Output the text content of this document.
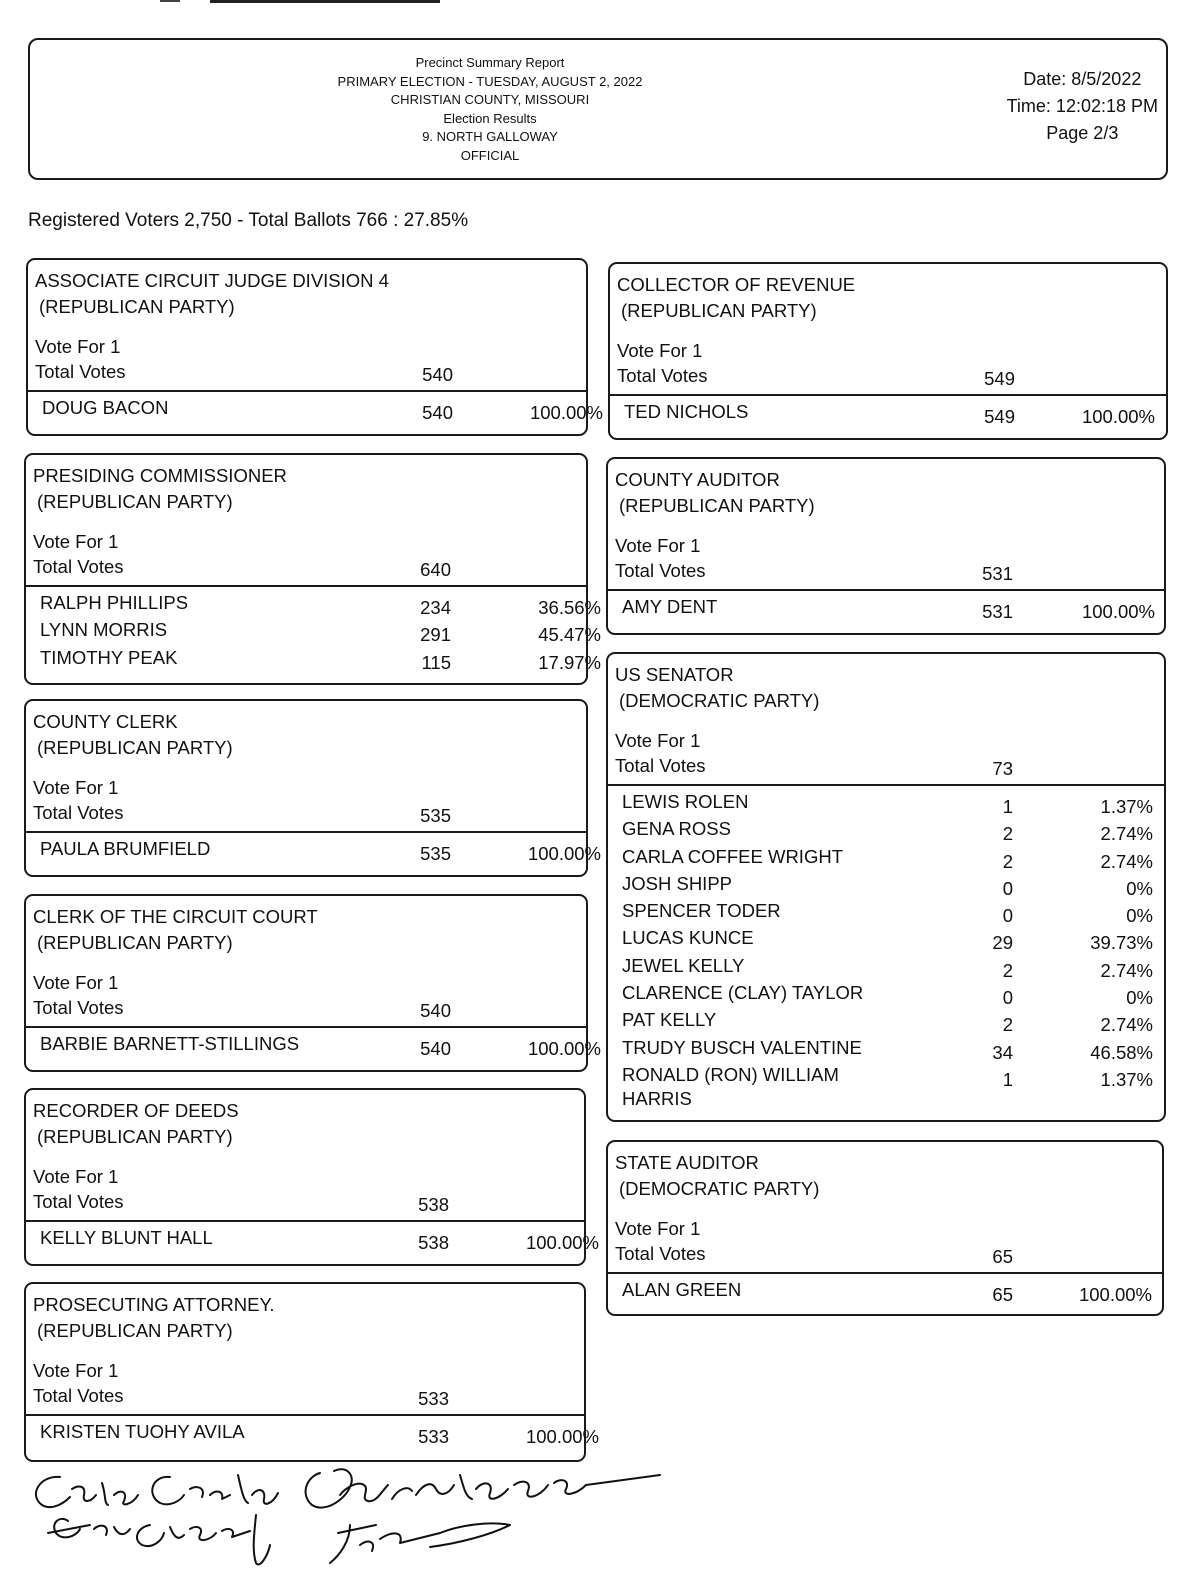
Precinct Summary Report
PRIMARY ELECTION - TUESDAY, AUGUST 2, 2022
CHRISTIAN COUNTY, MISSOURI
Election Results
9. NORTH GALLOWAY
OFFICIAL
Date: 8/5/2022
Time: 12:02:18 PM
Page 2/3
Registered Voters 2,750 - Total Ballots 766 : 27.85%
ASSOCIATE CIRCUIT JUDGE DIVISION 4
(REPUBLICAN PARTY)
Vote For 1
Total Votes	540
DOUG BACON	540	100.00%
PRESIDING COMMISSIONER
(REPUBLICAN PARTY)
Vote For 1
Total Votes	640
RALPH PHILLIPS	234	36.56%
LYNN MORRIS	291	45.47%
TIMOTHY PEAK	115	17.97%
COUNTY CLERK
(REPUBLICAN PARTY)
Vote For 1
Total Votes	535
PAULA BRUMFIELD	535	100.00%
CLERK OF THE CIRCUIT COURT
(REPUBLICAN PARTY)
Vote For 1
Total Votes	540
BARBIE BARNETT-STILLINGS	540	100.00%
RECORDER OF DEEDS
(REPUBLICAN PARTY)
Vote For 1
Total Votes	538
KELLY BLUNT HALL	538	100.00%
PROSECUTING ATTORNEY.
(REPUBLICAN PARTY)
Vote For 1
Total Votes	533
KRISTEN TUOHY AVILA	533	100.00%
COLLECTOR OF REVENUE
(REPUBLICAN PARTY)
Vote For 1
Total Votes	549
TED NICHOLS	549	100.00%
COUNTY AUDITOR
(REPUBLICAN PARTY)
Vote For 1
Total Votes	531
AMY DENT	531	100.00%
US SENATOR
(DEMOCRATIC PARTY)
Vote For 1
Total Votes	73
LEWIS ROLEN	1	1.37%
GENA ROSS	2	2.74%
CARLA COFFEE WRIGHT	2	2.74%
JOSH SHIPP	0	0%
SPENCER TODER	0	0%
LUCAS KUNCE	29	39.73%
JEWEL KELLY	2	2.74%
CLARENCE (CLAY) TAYLOR	0	0%
PAT KELLY	2	2.74%
TRUDY BUSCH VALENTINE	34	46.58%
RONALD (RON) WILLIAM HARRIS
1	1.37%
STATE AUDITOR
(DEMOCRATIC PARTY)
Vote For 1
Total Votes	65
ALAN GREEN	65	100.00%
